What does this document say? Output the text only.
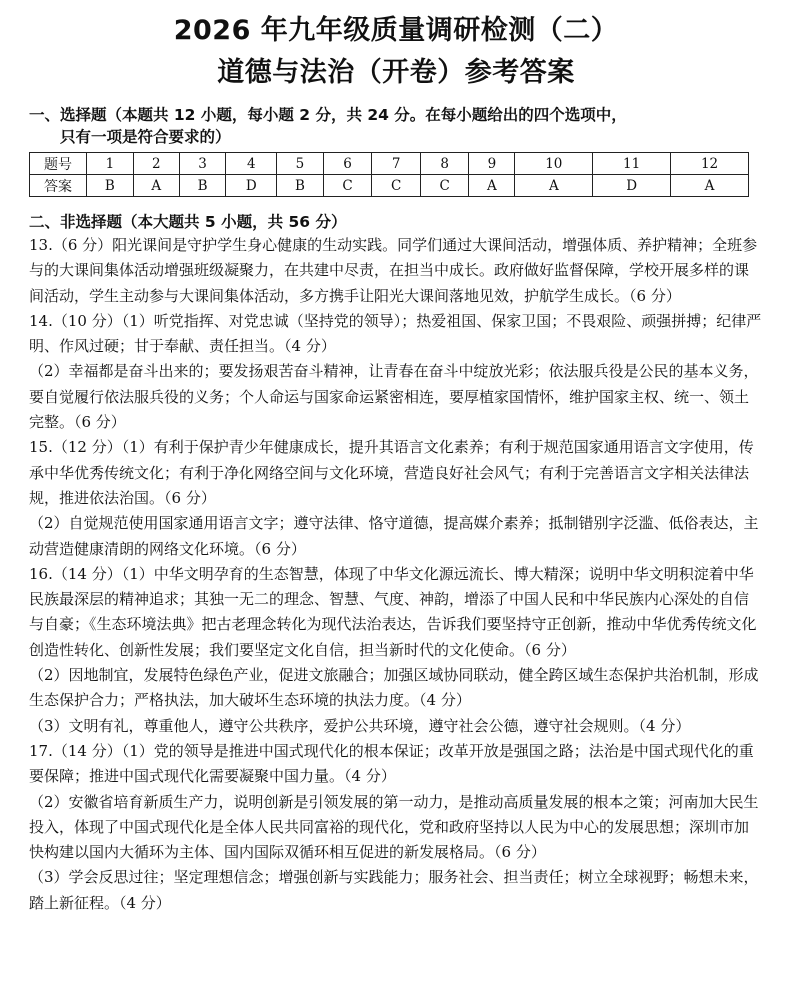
2026 年九年级质量调研检测（二）
道德与法治（开卷）参考答案
一、选择题（本题共 12 小题，每小题 2 分，共 24 分。在每小题给出的四个选项中，
只有一项是符合要求的）
题号	1	2	3	4	5	6	7	8	9	10	11	12
答案	B	A	B	D	B	C	C	C	A	A	D	A
二、非选择题（本大题共 5 小题，共 56 分）

13.（6 分）阳光课间是守护学生身心健康的生动实践。同学们通过大课间活动，增强体质、养护精神；全班参与的大课间集体活动增强班级凝聚力，在共建中尽责，在担当中成长。政府做好监督保障，学校开展多样的课间活动，学生主动参与大课间集体活动，多方携手让阳光大课间落地见效，护航学生成长。（6 分）

14.（10 分）（1）听党指挥、对党忠诚（坚持党的领导）；热爱祖国、保家卫国；不畏艰险、顽强拼搏；纪律严明、作风过硬；甘于奉献、责任担当。（4 分）

（2）幸福都是奋斗出来的；要发扬艰苦奋斗精神，让青春在奋斗中绽放光彩；依法服兵役是公民的基本义务，要自觉履行依法服兵役的义务；个人命运与国家命运紧密相连，要厚植家国情怀，维护国家主权、统一、领土完整。（6 分）

15.（12 分）（1）有利于保护青少年健康成长，提升其语言文化素养；有利于规范国家通用语言文字使用，传承中华优秀传统文化；有利于净化网络空间与文化环境，营造良好社会风气；有利于完善语言文字相关法律法规，推进依法治国。（6 分）

（2）自觉规范使用国家通用语言文字；遵守法律、恪守道德，提高媒介素养；抵制错别字泛滥、低俗表达，主动营造健康清朗的网络文化环境。（6 分）

16.（14 分）（1）中华文明孕育的生态智慧，体现了中华文化源远流长、博大精深；说明中华文明积淀着中华民族最深层的精神追求；其独一无二的理念、智慧、气度、神韵，增添了中国人民和中华民族内心深处的自信与自豪；《生态环境法典》把古老理念转化为现代法治表达，告诉我们要坚持守正创新，推动中华优秀传统文化创造性转化、创新性发展；我们要坚定文化自信，担当新时代的文化使命。（6 分）

（2）因地制宜，发展特色绿色产业，促进文旅融合；加强区域协同联动，健全跨区域生态保护共治机制，形成生态保护合力；严格执法，加大破坏生态环境的执法力度。（4 分）

（3）文明有礼，尊重他人，遵守公共秩序，爱护公共环境，遵守社会公德，遵守社会规则。（4 分）

17.（14 分）（1）党的领导是推进中国式现代化的根本保证；改革开放是强国之路；法治是中国式现代化的重要保障；推进中国式现代化需要凝聚中国力量。（4 分）

（2）安徽省培育新质生产力，说明创新是引领发展的第一动力，是推动高质量发展的根本之策；河南加大民生投入，体现了中国式现代化是全体人民共同富裕的现代化，党和政府坚持以人民为中心的发展思想；深圳市加快构建以国内大循环为主体、国内国际双循环相互促进的新发展格局。（6 分）

（3）学会反思过往；坚定理想信念；增强创新与实践能力；服务社会、担当责任；树立全球视野；畅想未来，踏上新征程。（4 分）
